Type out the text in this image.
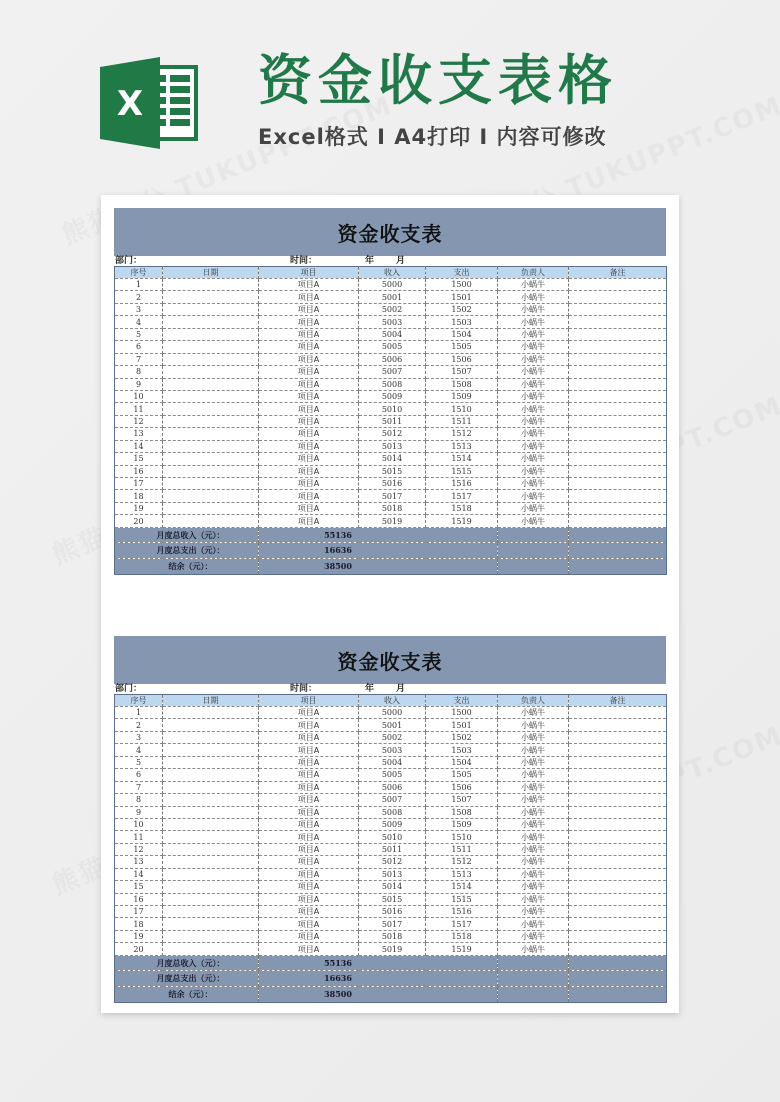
X 资金收支表格
Excel格式 I A4打印 I 内容可修改
资金收支表
部门：	时间：	年 月
序号	日期	项目	收入	支出	负责人	备注
1		项目A	5000	1500	小蜗牛	
2		项目A	5001	1501	小蜗牛	
3		项目A	5002	1502	小蜗牛	
4		项目A	5003	1503	小蜗牛	
5		项目A	5004	1504	小蜗牛	
6		项目A	5005	1505	小蜗牛	
7		项目A	5006	1506	小蜗牛	
8		项目A	5007	1507	小蜗牛	
9		项目A	5008	1508	小蜗牛	
10		项目A	5009	1509	小蜗牛	
11		项目A	5010	1510	小蜗牛	
12		项目A	5011	1511	小蜗牛	
13		项目A	5012	1512	小蜗牛	
14		项目A	5013	1513	小蜗牛	
15		项目A	5014	1514	小蜗牛	
16		项目A	5015	1515	小蜗牛	
17		项目A	5016	1516	小蜗牛	
18		项目A	5017	1517	小蜗牛	
19		项目A	5018	1518	小蜗牛	
20		项目A	5019	1519	小蜗牛	
月度总收入（元）：		55136				
月度总支出（元）：		16636				
结余（元）：		38500				
资金收支表
部门：	时间：	年 月
序号	日期	项目	收入	支出	负责人	备注
1		项目A	5000	1500	小蜗牛	
2		项目A	5001	1501	小蜗牛	
3		项目A	5002	1502	小蜗牛	
4		项目A	5003	1503	小蜗牛	
5		项目A	5004	1504	小蜗牛	
6		项目A	5005	1505	小蜗牛	
7		项目A	5006	1506	小蜗牛	
8		项目A	5007	1507	小蜗牛	
9		项目A	5008	1508	小蜗牛	
10		项目A	5009	1509	小蜗牛	
11		项目A	5010	1510	小蜗牛	
12		项目A	5011	1511	小蜗牛	
13		项目A	5012	1512	小蜗牛	
14		项目A	5013	1513	小蜗牛	
15		项目A	5014	1514	小蜗牛	
16		项目A	5015	1515	小蜗牛	
17		项目A	5016	1516	小蜗牛	
18		项目A	5017	1517	小蜗牛	
19		项目A	5018	1518	小蜗牛	
20		项目A	5019	1519	小蜗牛	
月度总收入（元）：		55136				
月度总支出（元）：		16636				
结余（元）：		38500				
